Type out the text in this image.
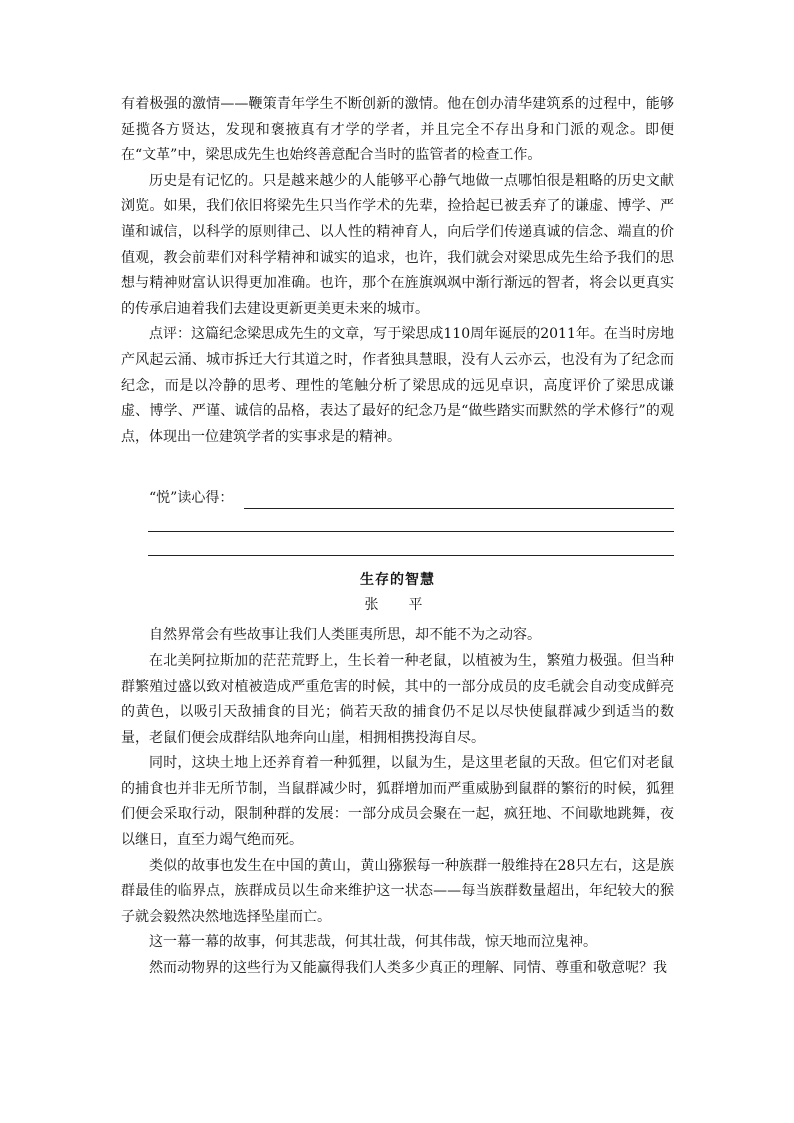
有着极强的激情——鞭策青年学生不断创新的激情。他在创办清华建筑系的过程中，能够延揽各方贤达，发现和褒掖真有才学的学者，并且完全不存出身和门派的观念。即便在“文革”中，梁思成先生也始终善意配合当时的监管者的检查工作。

历史是有记忆的。只是越来越少的人能够平心静气地做一点哪怕很是粗略的历史文献浏览。如果，我们依旧将梁先生只当作学术的先辈，捡拾起已被丢弃了的谦虚、博学、严谨和诚信，以科学的原则律己、以人性的精神育人，向后学们传递真诚的信念、端直的价值观，教会前辈们对科学精神和诚实的追求，也许，我们就会对梁思成先生给予我们的思想与精神财富认识得更加准确。也许，那个在旌旗飒飒中渐行渐远的智者，将会以更真实的传承启迪着我们去建设更新更美更未来的城市。

点评：这篇纪念梁思成先生的文章，写于梁思成110周年诞辰的2011年。在当时房地产风起云涌、城市拆迁大行其道之时，作者独具慧眼，没有人云亦云，也没有为了纪念而纪念，而是以冷静的思考、理性的笔触分析了梁思成的远见卓识，高度评价了梁思成谦虚、博学、严谨、诚信的品格，表达了最好的纪念乃是“做些踏实而默然的学术修行”的观点，体现出一位建筑学者的实事求是的精神。

“悦”读心得：
生存的智慧
张　平

自然界常会有些故事让我们人类匪夷所思，却不能不为之动容。

在北美阿拉斯加的茫茫荒野上，生长着一种老鼠，以植被为生，繁殖力极强。但当种群繁殖过盛以致对植被造成严重危害的时候，其中的一部分成员的皮毛就会自动变成鲜亮的黄色，以吸引天敌捕食的目光；倘若天敌的捕食仍不足以尽快使鼠群减少到适当的数量，老鼠们便会成群结队地奔向山崖，相拥相携投海自尽。

同时，这块土地上还养育着一种狐狸，以鼠为生，是这里老鼠的天敌。但它们对老鼠的捕食也并非无所节制，当鼠群减少时，狐群增加而严重威胁到鼠群的繁衍的时候，狐狸们便会采取行动，限制种群的发展：一部分成员会聚在一起，疯狂地、不间歇地跳舞，夜以继日，直至力竭气绝而死。

类似的故事也发生在中国的黄山，黄山猕猴每一种族群一般维持在28只左右，这是族群最佳的临界点，族群成员以生命来维护这一状态——每当族群数量超出，年纪较大的猴子就会毅然决然地选择坠崖而亡。

这一幕一幕的故事，何其悲哉，何其壮哉，何其伟哉，惊天地而泣鬼神。

然而动物界的这些行为又能赢得我们人类多少真正的理解、同情、尊重和敬意呢？我
